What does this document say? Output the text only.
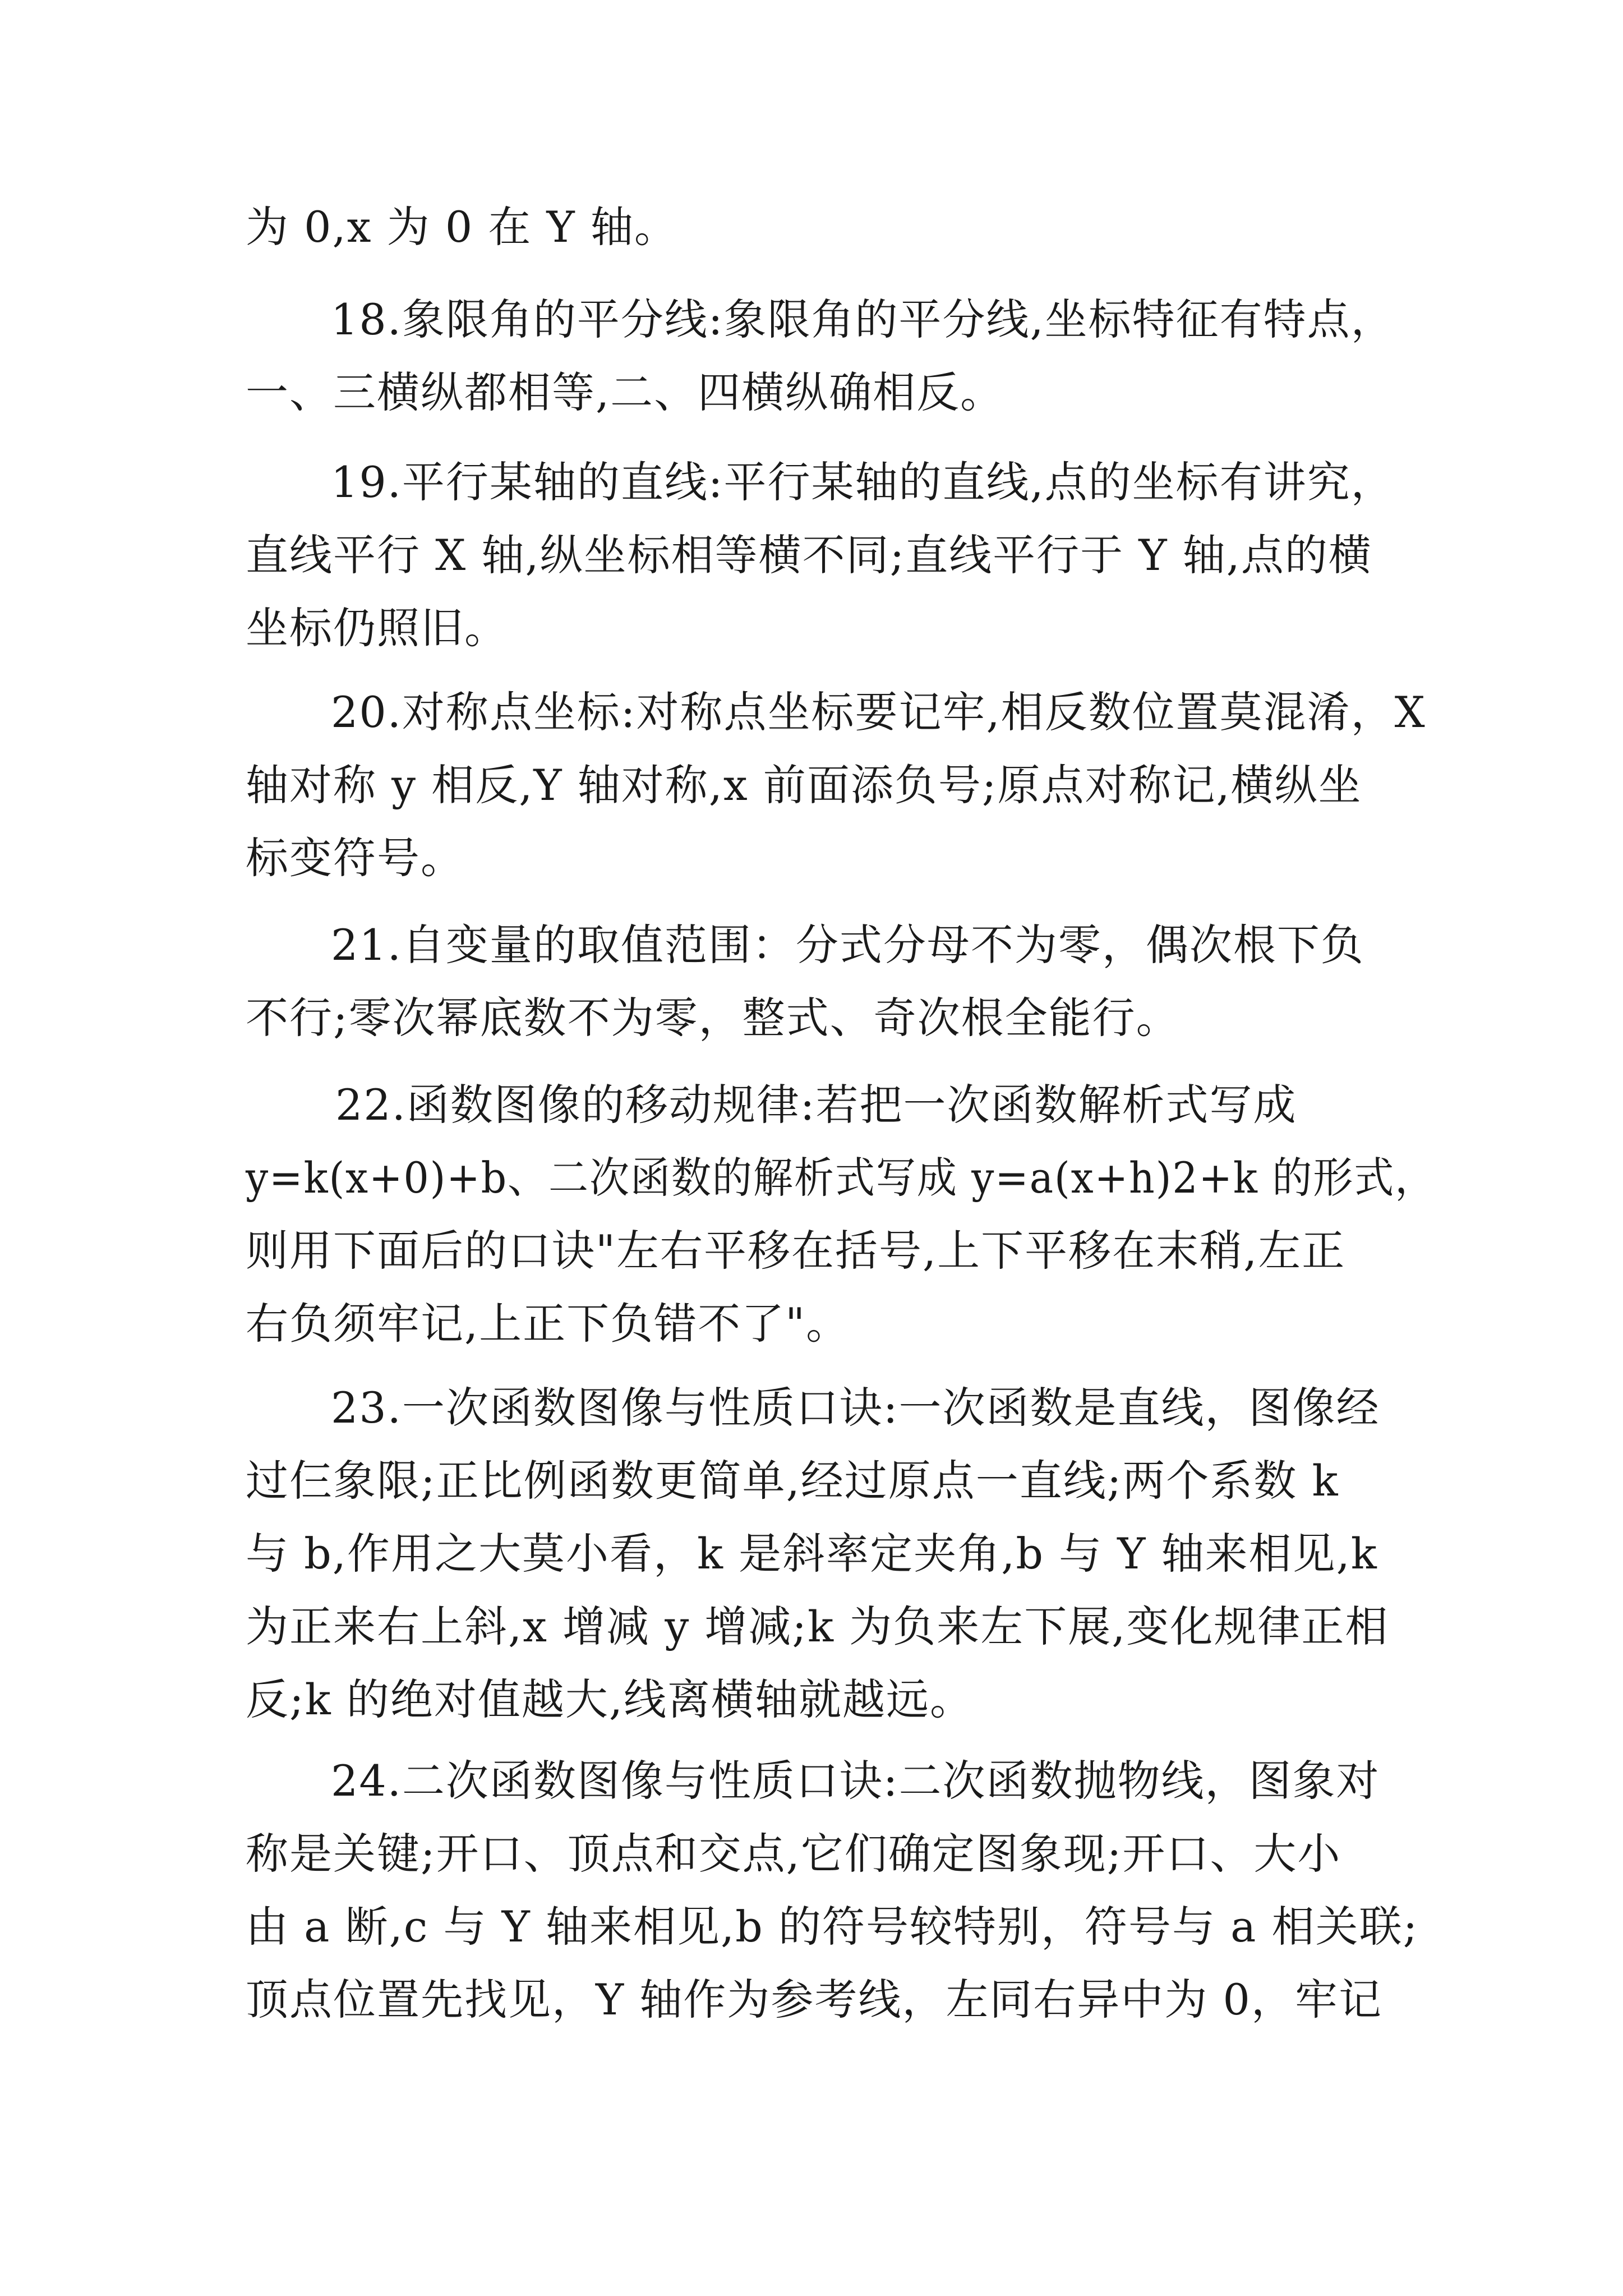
为 0,x 为 0 在 Y 轴。
18.象限角的平分线:象限角的平分线,坐标特征有特点，
一、三横纵都相等,二、四横纵确相反。
19.平行某轴的直线:平行某轴的直线,点的坐标有讲究，
直线平行 X 轴,纵坐标相等横不同;直线平行于 Y 轴,点的横
坐标仍照旧。
20.对称点坐标:对称点坐标要记牢,相反数位置莫混淆，X
轴对称 y 相反,Y 轴对称,x 前面添负号;原点对称记,横纵坐
标变符号。
21.自变量的取值范围：分式分母不为零，偶次根下负
不行;零次幂底数不为零，整式、奇次根全能行。
22.函数图像的移动规律:若把一次函数解析式写成
y=k(x+0)+b、二次函数的解析式写成 y=a(x+h)2+k 的形式，
则用下面后的口诀"左右平移在括号,上下平移在末稍,左正
右负须牢记,上正下负错不了"。
23.一次函数图像与性质口诀:一次函数是直线，图像经
过仨象限;正比例函数更简单,经过原点一直线;两个系数 k
与 b,作用之大莫小看，k 是斜率定夹角,b 与 Y 轴来相见,k
为正来右上斜,x 增减 y 增减;k 为负来左下展,变化规律正相
反;k 的绝对值越大,线离横轴就越远。
24.二次函数图像与性质口诀:二次函数抛物线，图象对
称是关键;开口、顶点和交点,它们确定图象现;开口、大小
由 a 断,c 与 Y 轴来相见,b 的符号较特别，符号与 a 相关联;
顶点位置先找见，Y 轴作为参考线，左同右异中为 0，牢记
